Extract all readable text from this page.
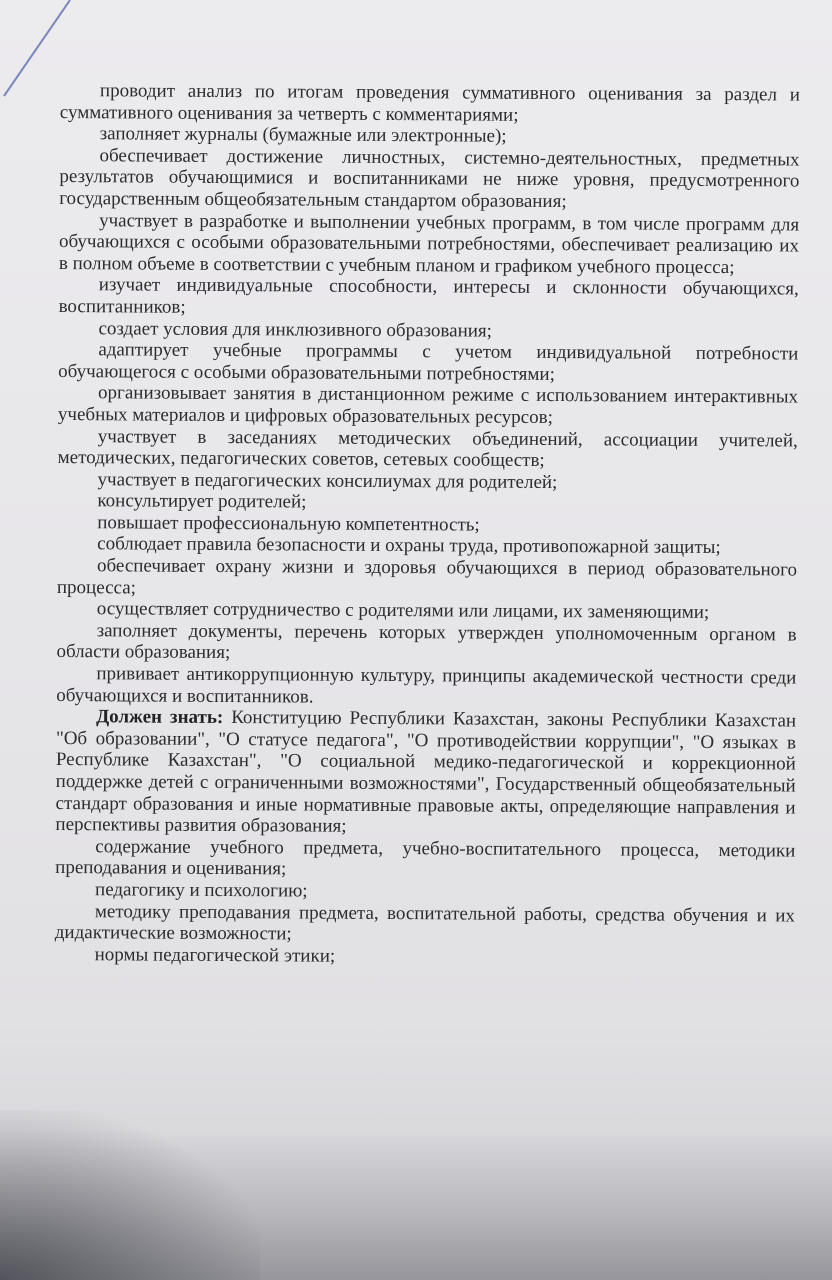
проводит анализ по итогам проведения суммативного оценивания за раздел и суммативного оценивания за четверть с комментариями;

заполняет журналы (бумажные или электронные);

обеспечивает достижение личностных, системно-деятельностных, предметных результатов обучающимися и воспитанниками не ниже уровня, предусмотренного государственным общеобязательным стандартом образования;

участвует в разработке и выполнении учебных программ, в том числе программ для обучающихся с особыми образовательными потребностями, обеспечивает реализацию их в полном объеме в соответствии с учебным планом и графиком учебного процесса;

изучает индивидуальные способности, интересы и склонности обучающихся, воспитанников;

создает условия для инклюзивного образования;

адаптирует учебные программы с учетом индивидуальной потребности обучающегося с особыми образовательными потребностями;

организовывает занятия в дистанционном режиме с использованием интерактивных учебных материалов и цифровых образовательных ресурсов;

участвует в заседаниях методических объединений, ассоциации учителей, методических, педагогических советов, сетевых сообществ;

участвует в педагогических консилиумах для родителей;

консультирует родителей;

повышает профессиональную компетентность;

соблюдает правила безопасности и охраны труда, противопожарной защиты;

обеспечивает охрану жизни и здоровья обучающихся в период образовательного процесса;

осуществляет сотрудничество с родителями или лицами, их заменяющими;

заполняет документы, перечень которых утвержден уполномоченным органом в области образования;

прививает антикоррупционную культуру, принципы академической честности среди обучающихся и воспитанников.

Должен знать: Конституцию Республики Казахстан, законы Республики Казахстан "Об образовании", "О статусе педагога", "О противодействии коррупции", "О языках в Республике Казахстан", "О социальной медико-педагогической и коррекционной поддержке детей с ограниченными возможностями", Государственный общеобязательный стандарт образования и иные нормативные правовые акты, определяющие направления и перспективы развития образования;

содержание учебного предмета, учебно-воспитательного процесса, методики преподавания и оценивания;

педагогику и психологию;

методику преподавания предмета, воспитательной работы, средства обучения и их дидактические возможности;

нормы педагогической этики;
